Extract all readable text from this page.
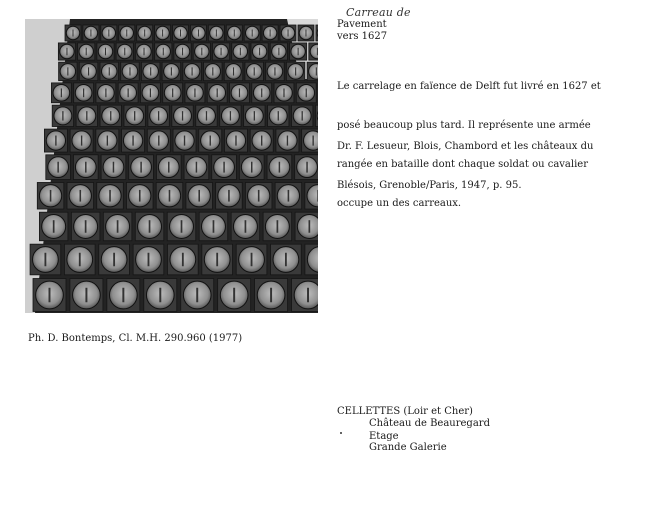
Carreau de
Pavement
vers 1627

Le carrelage en faïence de Delft fut livré en 1627 et

posé beaucoup plus tard. Il représente une armée

rangée en bataille dont chaque soldat ou cavalier

occupe un des carreaux.

Dr. F. Lesueur, Blois, Chambord et les châteaux du

Blésois, Grenoble/Paris, 1947, p. 95.

Ph. D. Bontemps, Cl. M.H. 290.960 (1977)
CELLETTES (Loir et Cher)
Château de Beauregard
Etage
Grande Galerie
